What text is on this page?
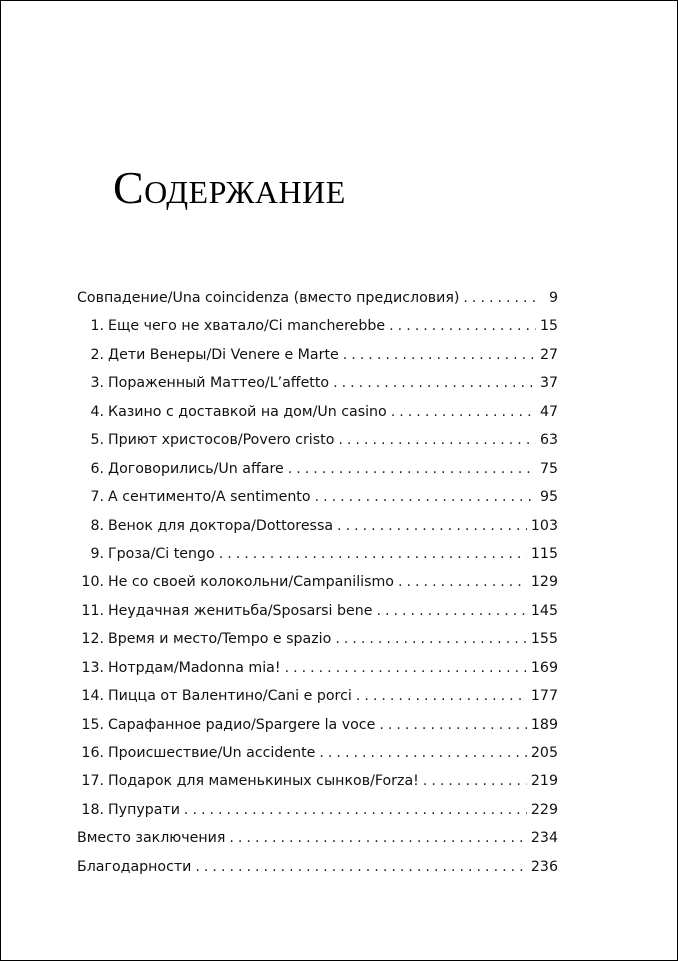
Содержание
Совпадение/Una coincidenza (вместо предисловия) . . .	9
1. Еще чего не хватало/Ci mancherebbe . . .	15
2. Дети Венеры/Di Venere e Marte . . .	27
3. Пораженный Маттео/L’affetto . . .	37
4. Казино с доставкой на дом/Un casino . . .	47
5. Приют христосов/Povero cristo . . .	63
6. Договорились/Un affare . . .	75
7. А сентименто/A sentimento . . .	95
8. Венок для доктора/Dottoressa . . .	103
9. Гроза/Ci tengo . . .	115
10. Не со своей колокольни/Campanilismo . . .	129
11. Неудачная женитьба/Sposarsi bene . . .	145
12. Время и место/Tempo e spazio . . .	155
13. Нотрдам/Madonna mia! . . .	169
14. Пицца от Валентино/Cani e porci . . .	177
15. Сарафанное радио/Spargere la voce . . .	189
16. Происшествие/Un accidente . . .	205
17. Подарок для маменькиных сынков/Forza! . . .	219
18. Пупурати . . .	229
Вместо заключения . . .	234
Благодарности . . .	236
